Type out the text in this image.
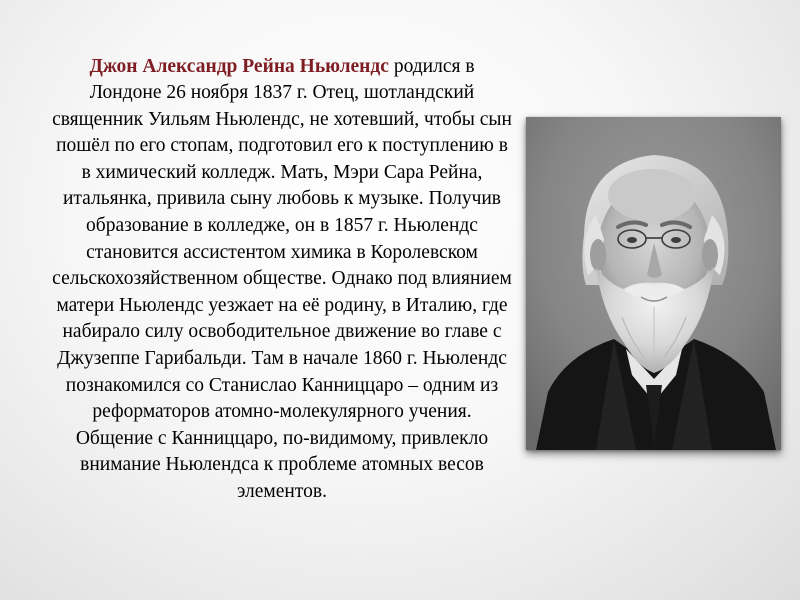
Джон Александр Рейна Ньюлендс родился в Лондоне 26 ноября 1837 г. Отец, шотландский священник Уильям Ньюлендс, не хотевший, чтобы сын пошёл по его стопам, подготовил его к поступлению в в химический колледж. Мать, Мэри Сара Рейна, итальянка, привила сыну любовь к музыке. Получив образование в колледже, он в 1857 г. Ньюлендс становится ассистентом химика в Королевском сельскохозяйственном обществе. Однако под влиянием матери Ньюлендс уезжает на её родину, в Италию, где набирало силу освободительное движение во главе с Джузеппе Гарибальди. Там в начале 1860 г. Ньюлендс познакомился со Станислао Канниццаро – одним из реформаторов атомно-молекулярного учения. Общение с Канниццаро, по-видимому, привлекло внимание Ньюлендса к проблеме атомных весов элементов.
